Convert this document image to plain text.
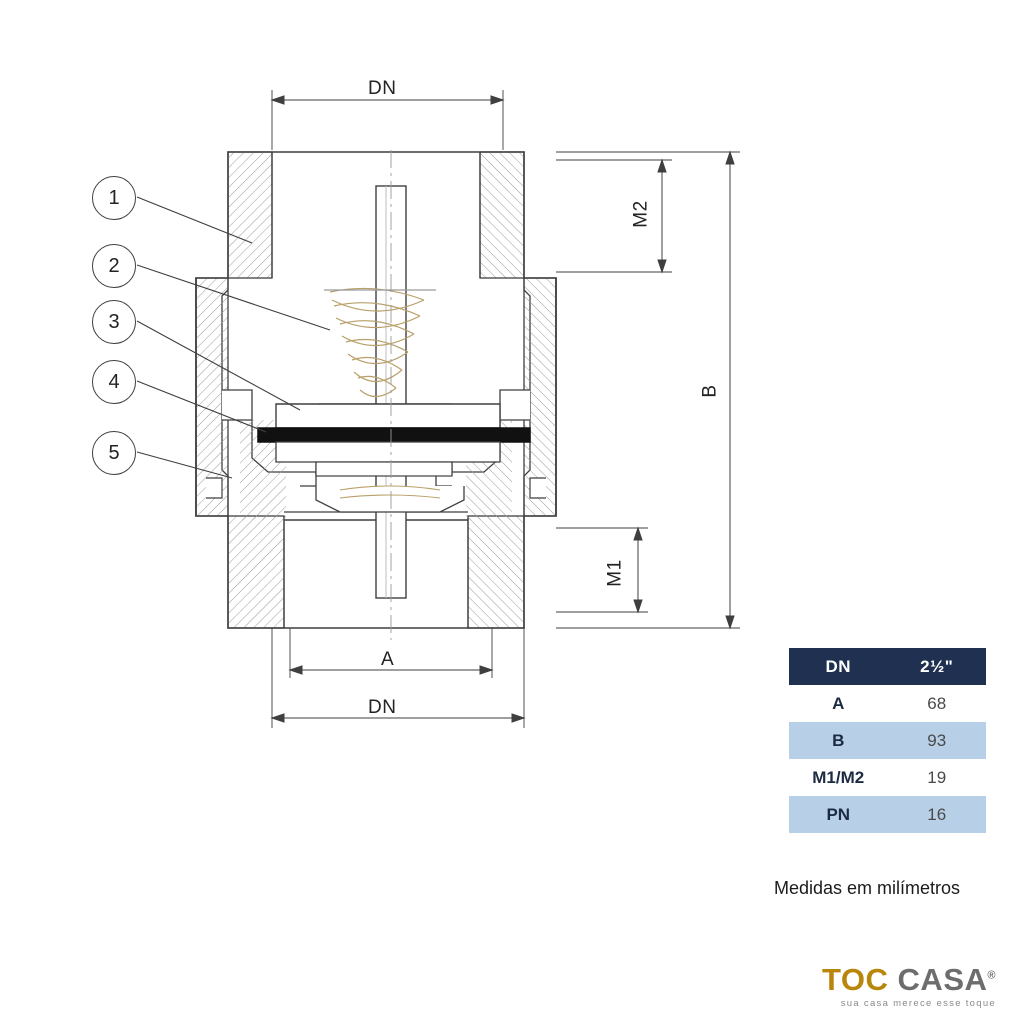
1
2
3
4
5
DN
DN
A
B
M2
M1
DN	2½"
A	68
B	93
M1/M2	19
PN	16
Medidas em milímetros
TOC CASA®
sua casa merece esse toque
